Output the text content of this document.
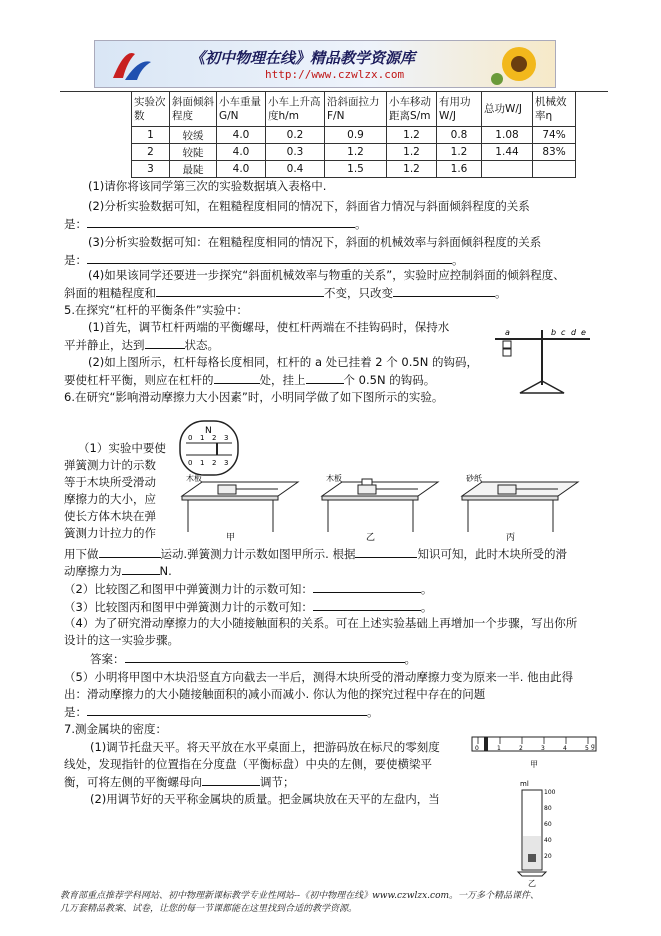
《初中物理在线》精品教学资源库
http://www.czwlzx.com
实验次数	斜面倾斜程度	小车重量G/N	小车上升高度h/m	沿斜面拉力F/N	小车移动距离S/m	有用功W/J	总功W/J	机械效率η
1	较缓	4.0	0.2	0.9	1.2	0.8	1.08	74%
2	较陡	4.0	0.3	1.2	1.2	1.2	1.44	83%
3	最陡	4.0	0.4	1.5	1.2	1.6		
(1)请你将该同学第三次的实验数据填入表格中.
(2)分析实验数据可知，在粗糙程度相同的情况下，斜面省力情况与斜面倾斜程度的关系
是：	。
(3)分析实验数据可知：在粗糙程度相同的情况下，斜面的机械效率与斜面倾斜程度的关系
是：	。
(4)如果该同学还要进一步探究“斜面机械效率与物重的关系”，实验时应控制斜面的倾斜程度、
斜面的粗糙程度和	不变，只改变	。
5.在探究“杠杆的平衡条件”实验中：
(1)首先，调节杠杆两端的平衡螺母，使杠杆两端在不挂钩码时，保持水
平并静止，达到	状态。
(2)如上图所示，杠杆每格长度相同，杠杆的 a 处已挂着 2 个 0.5N 的钩码，
要使杠杆平衡，则应在杠杆的	处，挂上	个 0.5N 的钩码。
a	b c d e
6.在研究“影响滑动摩擦力大小因素”时，小明同学做了如下图所示的实验。
N
0 1 2 3
0 1 2 3
（1）实验中要使
弹簧测力计的示数
等于木块所受滑动
摩擦力的大小，应
使长方体木块在弹
簧测力计拉力的作
木板
甲
木板
乙
砂纸
丙
用下做	运动.弹簧测力计示数如图甲所示. 根据	知识可知，此时木块所受的滑
动摩擦力为	N.
（2）比较图乙和图甲中弹簧测力计的示数可知：	。
（3）比较图丙和图甲中弹簧测力计的示数可知：	。
（4）为了研究滑动摩擦力的大小随接触面积的关系。可在上述实验基础上再增加一个步骤，写出你所
设计的这一实验步骤。
答案：	。
（5）小明将甲图中木块沿竖直方向截去一半后，测得木块所受的滑动摩擦力变为原来一半. 他由此得
出：滑动摩擦力的大小随接触面积的减小而减小. 你认为他的探究过程中存在的问题
是：	。
7.测金属块的密度：
(1)调节托盘天平。将天平放在水平桌面上，把游码放在标尺的零刻度
线处，发现指针的位置指在分度盘（平衡标盘）中央的左侧，要使横梁平
衡，可将左侧的平衡螺母向	调节；
(2)用调节好的天平称金属块的质量。把金属块放在天平的左盘内，当
0	1	2	3	4	5 g
甲
ml
100
80
60
40
20
乙
教育部重点推荐学科网站、初中物理新课标教学专业性网站--《初中物理在线》www.czwlzx.com。一万多个精品课件、
几万套精品教案、试卷，让您的每一节课都能在这里找到合适的教学资源。
